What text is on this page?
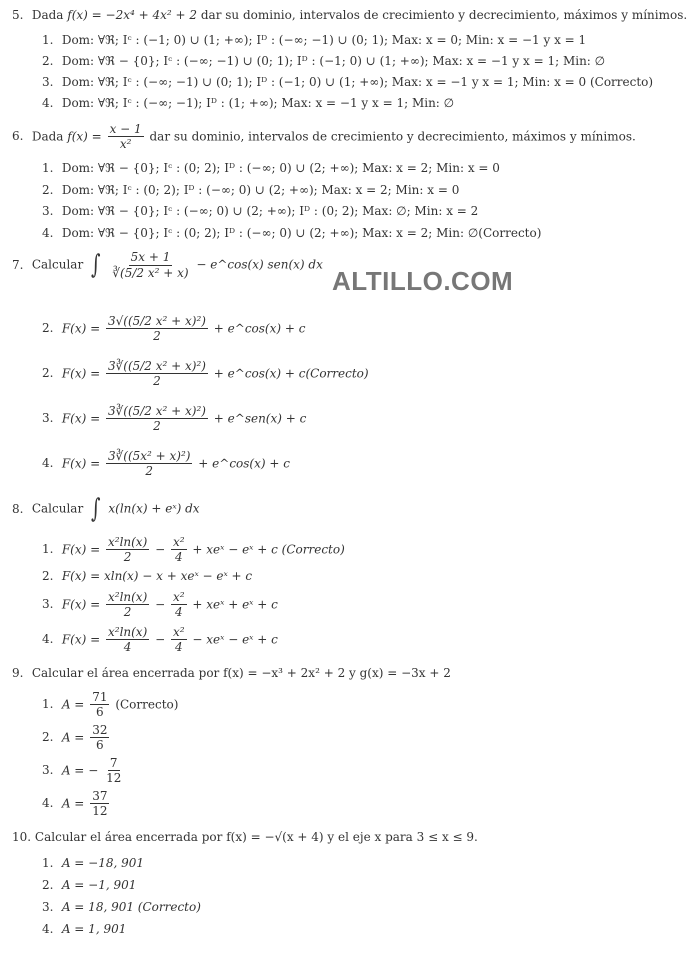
ALTILLO.COM
5. Dada f(x) = −2x⁴ + 4x² + 2 dar su dominio, intervalos de crecimiento y decrecimiento, máximos y mínimos.
1. Dom: ∀ℜ; Iᶜ : (−1; 0) ∪ (1; +∞); Iᴰ : (−∞; −1) ∪ (0; 1); Max: x = 0; Min: x = −1 y x = 1
2. Dom: ∀ℜ − {0}; Iᶜ : (−∞; −1) ∪ (0; 1); Iᴰ : (−1; 0) ∪ (1; +∞); Max: x = −1 y x = 1; Min: ∅
3. Dom: ∀ℜ; Iᶜ : (−∞; −1) ∪ (0; 1); Iᴰ : (−1; 0) ∪ (1; +∞); Max: x = −1 y x = 1; Min: x = 0 (Correcto)
4. Dom: ∀ℜ; Iᶜ : (−∞; −1); Iᴰ : (1; +∞); Max: x = −1 y x = 1; Min: ∅
6. Dada $f(x) = \frac{x - 1}{\text{x²}}$ dar su dominio, intervalos de crecimiento y decrecimiento, máximos y mínimos.
1. Dom: ∀ℜ − {0}; Iᶜ : (0; 2); Iᴰ : (−∞; 0) ∪ (2; +∞); Max: x = 2; Min: x = 0
2. Dom: ∀ℜ; Iᶜ : (0; 2); Iᴰ : (−∞; 0) ∪ (2; +∞); Max: x = 2; Min: x = 0
3. Dom: ∀ℜ − {0}; Iᶜ : (−∞; 0) ∪ (2; +∞); Iᴰ : (0; 2); Max: ∅; Min: x = 2
4. Dom: ∀ℜ − {0}; Iᶜ : (0; 2); Iᴰ : (−∞; 0) ∪ (2; +∞); Max: x = 2; Min: ∅(Correcto)
7. Calcular ∫ $\frac{5x + 1}{\text{∛(5/2 x² + x)}}$ − e^cos(x) sen(x) dx
2. $F(x) = \frac{\text{3√((5/2 x² + x)²)}}{2}$ + e^cos(x) + c
2. $F(x) = \frac{\text{3∛((5/2 x² + x)²)}}{2}$ + e^cos(x) + c(Correcto)
3. $F(x) = \frac{\text{3∛((5/2 x² + x)²)}}{2}$ + e^sen(x) + c
4. $F(x) = \frac{\text{3∛((5x² + x)²)}}{2}$ + e^cos(x) + c
8. Calcular ∫ x(ln(x) + eˣ) dx
1. $F(x) = \frac{\text{x²ln(x)}}{2} - \frac{\text{x²}}{4}$ + xeˣ − eˣ + c (Correcto)
2. F(x) = xln(x) − x + xeˣ − eˣ + c
3. $F(x) = \frac{\text{x²ln(x)}}{2} - \frac{\text{x²}}{4}$ + xeˣ + eˣ + c
4. $F(x) = \frac{\text{x²ln(x)}}{4} - \frac{\text{x²}}{4}$ − xeˣ − eˣ + c
9. Calcular el área encerrada por f(x) = −x³ + 2x² + 2 y g(x) = −3x + 2
1. $A = \frac{71}{6}$ (Correcto)
2. $A = \frac{32}{6}$
3. A = − $\frac{7}{12}$
4. $A = \frac{37}{12}$
10. Calcular el área encerrada por f(x) = −√(x + 4) y el eje x para 3 ≤ x ≤ 9.
1. A = −18, 901
2. A = −1, 901
3. A = 18, 901 (Correcto)
4. A = 1, 901
